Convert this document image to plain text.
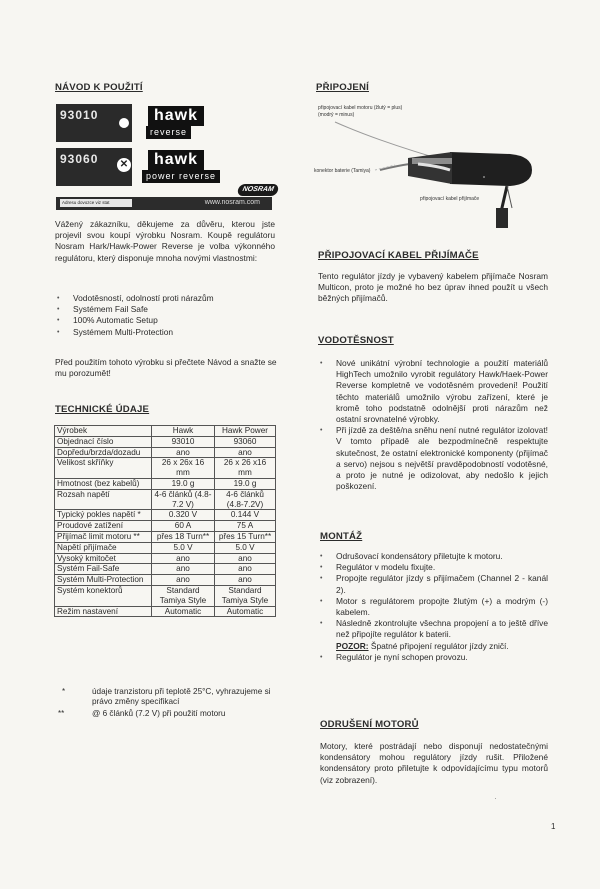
NÁVOD K POUŽITÍ
93010	hawk
reverse
93060 ✕	hawk
power reverse
NOSRAM
Adresu dovozce viz stat	www.nosram.com
Vážený zákazníku, děkujeme za důvěru, kterou jste projevil svou koupí výrobku Nosram. Koupě regulátoru Nosram Hark/Hawk-Power Reverse je volba výkonného regulátoru, který disponuje mnoha novými vlastnostmi:
• Vodotěsností, odolností proti nárazům
• Systémem Fail Safe
• 100% Automatic Setup
• Systémem Multi-Protection
Před použitím tohoto výrobku si přečtete Návod a snažte se mu porozumět!
TECHNICKÉ ÚDAJE
Výrobek	Hawk	Hawk Power
Objednací číslo	93010	93060
Dopředu/brzda/dozadu	ano	ano
Velikost skříňky	26 x 26x 16 mm	26 x 26 x16 mm
Hmotnost (bez kabelů)	19.0 g	19.0 g
Rozsah napětí	4-6 článků (4.8-7.2 V)	4-6 článků (4.8-7.2V)
Typický pokles napětí *	0.320 V	0.144 V
Proudové zatížení	60 A	75 A
Přijímač limit motoru **	přes 18 Turn**	přes 15 Turn**
Napětí přijímače	5.0 V	5.0 V
Vysoký kmitočet	ano	ano
Systém Fail-Safe	ano	ano
Systém Multi-Protection	ano	ano
Systém konektorů	Standard Tamiya Style	Standard Tamiya Style
Režim nastavení	Automatic	Automatic
*	údaje tranzistoru při teplotě 25°C, vyhrazujeme si právo změny specifikací
**	@ 6 článků (7.2 V) při použití motoru
PŘIPOJENÍ
připojovací kabel motoru (žlutý = plus) (modrý = minus)
konektor baterie (Tamiya)
připojovací kabel přijímače
PŘIPOJOVACÍ KABEL PŘIJÍMAČE
Tento regulátor jízdy je vybavený kabelem přijímače Nosram Multicon, proto je možné ho bez úprav ihned použít u všech běžných přijímačů.
VODOTĚSNOST
• Nové unikátní výrobní technologie a použití materiálů HighTech umožnilo vyrobit regulátory Hawk/Haek-Power Reverse kompletně ve vodotěsném provedení! Použití těchto materiálů umožnilo výrobu zařízení, které je kromě toho podstatně odolnější proti nárazům než ostatní srovnatelné výrobky.
• Při jízdě za deště/na sněhu není nutné regulátor izolovat! V tomto případě ale bezpodmínečně respektujte skutečnost, že ostatní elektronické komponenty (přijímač a servo) nejsou s největší pravděpodobností vodotěsné, a proto je nutné je odizolovat, aby nedošlo k jejich poškození.
MONTÁŽ
• Odrušovací kondensátory přiletujte k motoru.
• Regulátor v modelu fixujte.
• Propojte regulátor jízdy s přijímačem (Channel 2 - kanál 2).
• Motor s regulátorem propojte žlutým (+) a modrým (-) kabelem.
• Následně zkontrolujte všechna propojení a to ještě dříve než připojíte regulátor k baterii.
POZOR: Špatné připojení regulátor jízdy zničí.
• Regulátor je nyní schopen provozu.
ODRUŠENÍ MOTORŮ
Motory, které postrádají nebo disponují nedostatečnými kondensátory mohou regulátory jízdy rušit. Přiložené kondensátory proto přiletujte k odpovídajícímu typu motorů (viz zobrazení).
1
